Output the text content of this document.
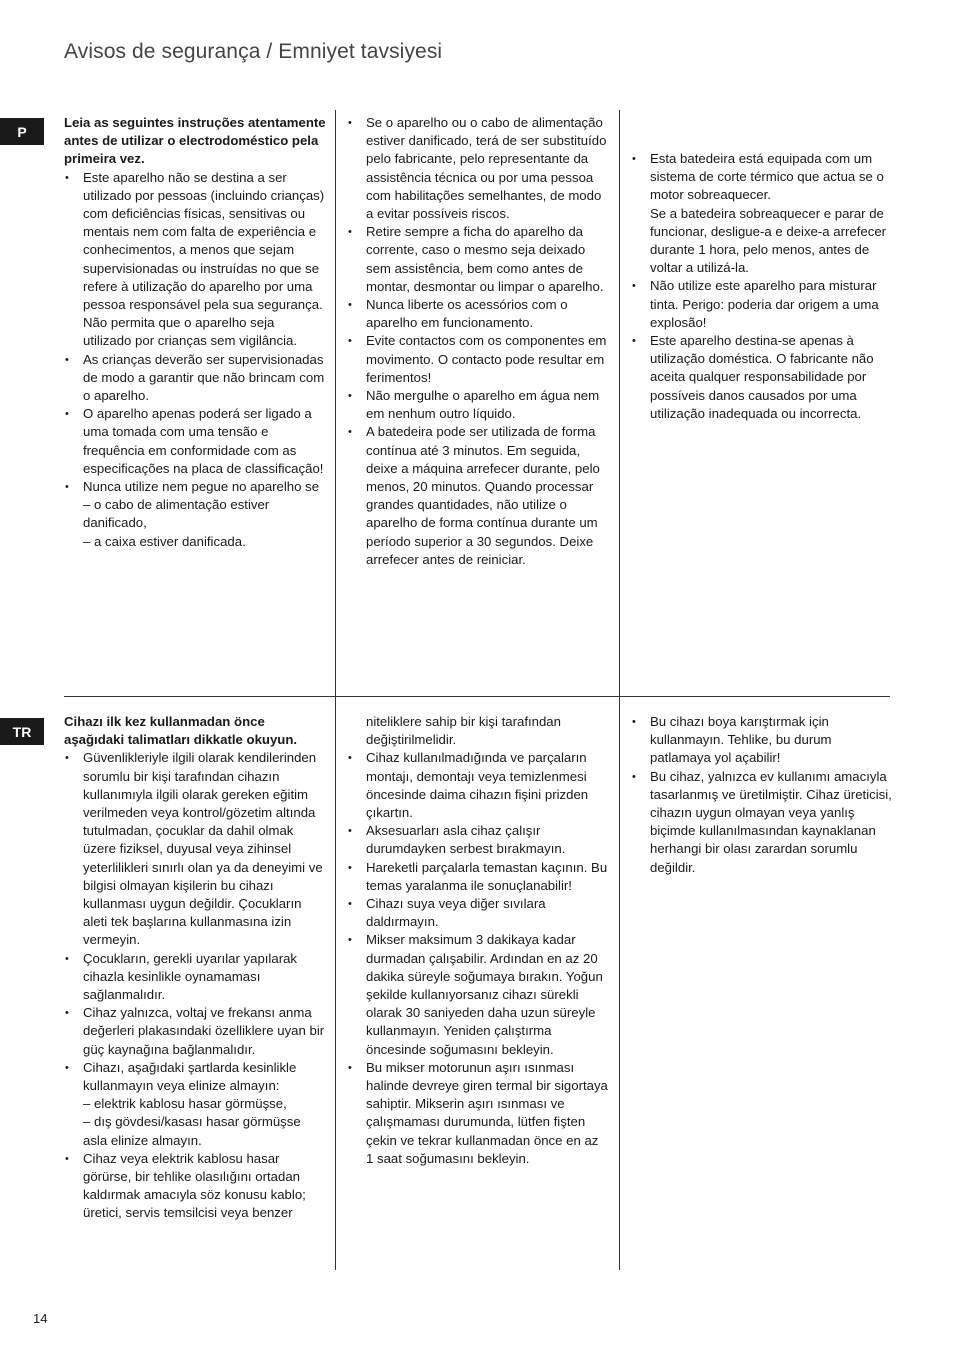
Avisos de segurança / Emniyet tavsiyesi
P
TR

Leia as seguintes instruções atentamente antes de utilizar o electrodoméstico pela primeira vez.

• Este aparelho não se destina a ser utilizado por pessoas (incluindo crianças) com deficiências físicas, sensitivas ou mentais nem com falta de experiência e conhecimentos, a menos que sejam supervisionadas ou instruídas no que se refere à utilização do aparelho por uma pessoa responsável pela sua segurança. Não permita que o aparelho seja utilizado por crianças sem vigilância.
• As crianças deverão ser supervisionadas de modo a garantir que não brincam com o aparelho.
• O aparelho apenas poderá ser ligado a uma tomada com uma tensão e frequência em conformidade com as especificações na placa de classificação!
• Nunca utilize nem pegue no aparelho se
– o cabo de alimentação estiver danificado,
– a caixa estiver danificada.
• Se o aparelho ou o cabo de alimentação estiver danificado, terá de ser substituído pelo fabricante, pelo representante da assistência técnica ou por uma pessoa com habilitações semelhantes, de modo a evitar possíveis riscos.
• Retire sempre a ficha do aparelho da corrente, caso o mesmo seja deixado sem assistência, bem como antes de montar, desmontar ou limpar o aparelho.
• Nunca liberte os acessórios com o aparelho em funcionamento.
• Evite contactos com os componentes em movimento. O contacto pode resultar em ferimentos!
• Não mergulhe o aparelho em água nem em nenhum outro líquido.
• A batedeira pode ser utilizada de forma contínua até 3 minutos. Em seguida, deixe a máquina arrefecer durante, pelo menos, 20 minutos. Quando processar grandes quantidades, não utilize o aparelho de forma contínua durante um período superior a 30 segundos. Deixe arrefecer antes de reiniciar.
• Esta batedeira está equipada com um sistema de corte térmico que actua se o motor sobreaquecer.
Se a batedeira sobreaquecer e parar de funcionar, desligue-a e deixe-a arrefecer durante 1 hora, pelo menos, antes de voltar a utilizá-la.
• Não utilize este aparelho para misturar tinta. Perigo: poderia dar origem a uma explosão!
• Este aparelho destina-se apenas à utilização doméstica. O fabricante não aceita qualquer responsabilidade por possíveis danos causados por uma utilização inadequada ou incorrecta.

Cihazı ilk kez kullanmadan önce aşağıdaki talimatları dikkatle okuyun.

• Güvenlikleriyle ilgili olarak kendilerinden sorumlu bir kişi tarafından cihazın kullanımıyla ilgili olarak gereken eğitim verilmeden veya kontrol/gözetim altında tutulmadan, çocuklar da dahil olmak üzere fiziksel, duyusal veya zihinsel yeterlilikleri sınırlı olan ya da deneyimi ve bilgisi olmayan kişilerin bu cihazı kullanması uygun değildir. Çocukların aleti tek başlarına kullanmasına izin vermeyin.
• Çocukların, gerekli uyarılar yapılarak cihazla kesinlikle oynamaması sağlanmalıdır.
• Cihaz yalnızca, voltaj ve frekansı anma değerleri plakasındaki özelliklere uyan bir güç kaynağına bağlanmalıdır.
• Cihazı, aşağıdaki şartlarda kesinlikle kullanmayın veya elinize almayın:
– elektrik kablosu hasar görmüşse,
– dış gövdesi/kasası hasar görmüşse asla elinize almayın.
• Cihaz veya elektrik kablosu hasar görürse, bir tehlike olasılığını ortadan kaldırmak amacıyla söz konusu kablo; üretici, servis temsilcisi veya benzer
niteliklere sahip bir kişi tarafından değiştirilmelidir.
• Cihaz kullanılmadığında ve parçaların montajı, demontajı veya temizlenmesi öncesinde daima cihazın fişini prizden çıkartın.
• Aksesuarları asla cihaz çalışır durumdayken serbest bırakmayın.
• Hareketli parçalarla temastan kaçının. Bu temas yaralanma ile sonuçlanabilir!
• Cihazı suya veya diğer sıvılara daldırmayın.
• Mikser maksimum 3 dakikaya kadar durmadan çalışabilir. Ardından en az 20 dakika süreyle soğumaya bırakın. Yoğun şekilde kullanıyorsanız cihazı sürekli olarak 30 saniyeden daha uzun süreyle kullanmayın. Yeniden çalıştırma öncesinde soğumasını bekleyin.
• Bu mikser motorunun aşırı ısınması halinde devreye giren termal bir sigortaya sahiptir. Mikserin aşırı ısınması ve çalışmaması durumunda, lütfen fişten çekin ve tekrar kullanmadan önce en az 1 saat soğumasını bekleyin.
• Bu cihazı boya karıştırmak için kullanmayın. Tehlike, bu durum patlamaya yol açabilir!
• Bu cihaz, yalnızca ev kullanımı amacıyla tasarlanmış ve üretilmiştir. Cihaz üreticisi, cihazın uygun olmayan veya yanlış biçimde kullanılmasından kaynaklanan herhangi bir olası zarardan sorumlu değildir.
14
